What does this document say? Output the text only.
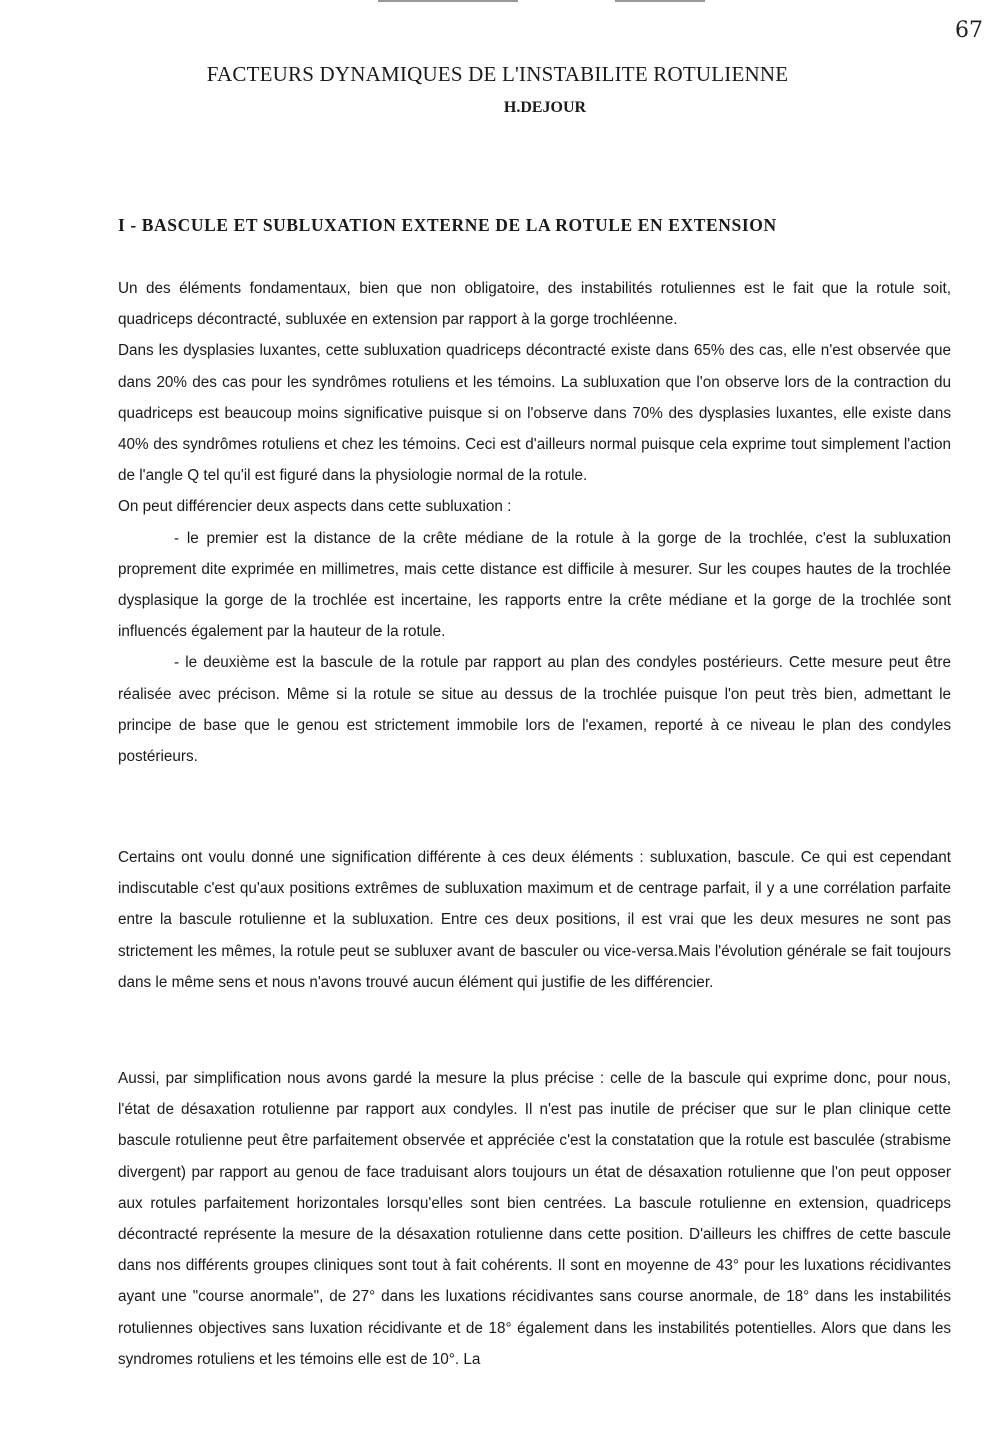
67
FACTEURS DYNAMIQUES DE L'INSTABILITE ROTULIENNE
H.DEJOUR
I - BASCULE ET SUBLUXATION EXTERNE DE LA ROTULE EN EXTENSION

Un des éléments fondamentaux, bien que non obligatoire, des instabilités rotuliennes est le fait que la rotule soit, quadriceps décontracté, subluxée en extension par rapport à la gorge trochléenne.

Dans les dysplasies luxantes, cette subluxation quadriceps décontracté existe dans 65% des cas, elle n'est observée que dans 20% des cas pour les syndrômes rotuliens et les témoins. La subluxation que l'on observe lors de la contraction du quadriceps est beaucoup moins significative puisque si on l'observe dans 70% des dysplasies luxantes, elle existe dans 40% des syndrômes rotuliens et chez les témoins. Ceci est d'ailleurs normal puisque cela exprime tout simplement l'action de l'angle Q tel qu'il est figuré dans la physiologie normal de la rotule.

On peut différencier deux aspects dans cette subluxation :

- le premier est la distance de la crête médiane de la rotule à la gorge de la trochlée, c'est la subluxation proprement dite exprimée en millimetres, mais cette distance est difficile à mesurer. Sur les coupes hautes de la trochlée dysplasique la gorge de la trochlée est incertaine, les rapports entre la crête médiane et la gorge de la trochlée sont influencés également par la hauteur de la rotule.

- le deuxième est la bascule de la rotule par rapport au plan des condyles postérieurs. Cette mesure peut être réalisée avec précison. Même si la rotule se situe au dessus de la trochlée puisque l'on peut très bien, admettant le principe de base que le genou est strictement immobile lors de l'examen, reporté à ce niveau le plan des condyles postérieurs.

Certains ont voulu donné une signification différente à ces deux éléments : subluxation, bascule. Ce qui est cependant indiscutable c'est qu'aux positions extrêmes de subluxation maximum et de centrage parfait, il y a une corrélation parfaite entre la bascule rotulienne et la subluxation. Entre ces deux positions, il est vrai que les deux mesures ne sont pas strictement les mêmes, la rotule peut se subluxer avant de basculer ou vice-versa.Mais l'évolution générale se fait toujours dans le même sens et nous n'avons trouvé aucun élément qui justifie de les différencier.

Aussi, par simplification nous avons gardé la mesure la plus précise : celle de la bascule qui exprime donc, pour nous, l'état de désaxation rotulienne par rapport aux condyles. Il n'est pas inutile de préciser que sur le plan clinique cette bascule rotulienne peut être parfaitement observée et appréciée c'est la constatation que la rotule est basculée (strabisme divergent) par rapport au genou de face traduisant alors toujours un état de désaxation rotulienne que l'on peut opposer aux rotules parfaitement horizontales lorsqu'elles sont bien centrées. La bascule rotulienne en extension, quadriceps décontracté représente la mesure de la désaxation rotulienne dans cette position. D'ailleurs les chiffres de cette bascule dans nos différents groupes cliniques sont tout à fait cohérents. Il sont en moyenne de 43° pour les luxations récidivantes ayant une "course anormale", de 27° dans les luxations récidivantes sans course anormale, de 18° dans les instabilités rotuliennes objectives sans luxation récidivante et de 18° également dans les instabilités potentielles. Alors que dans les syndromes rotuliens et les témoins elle est de 10°. La
